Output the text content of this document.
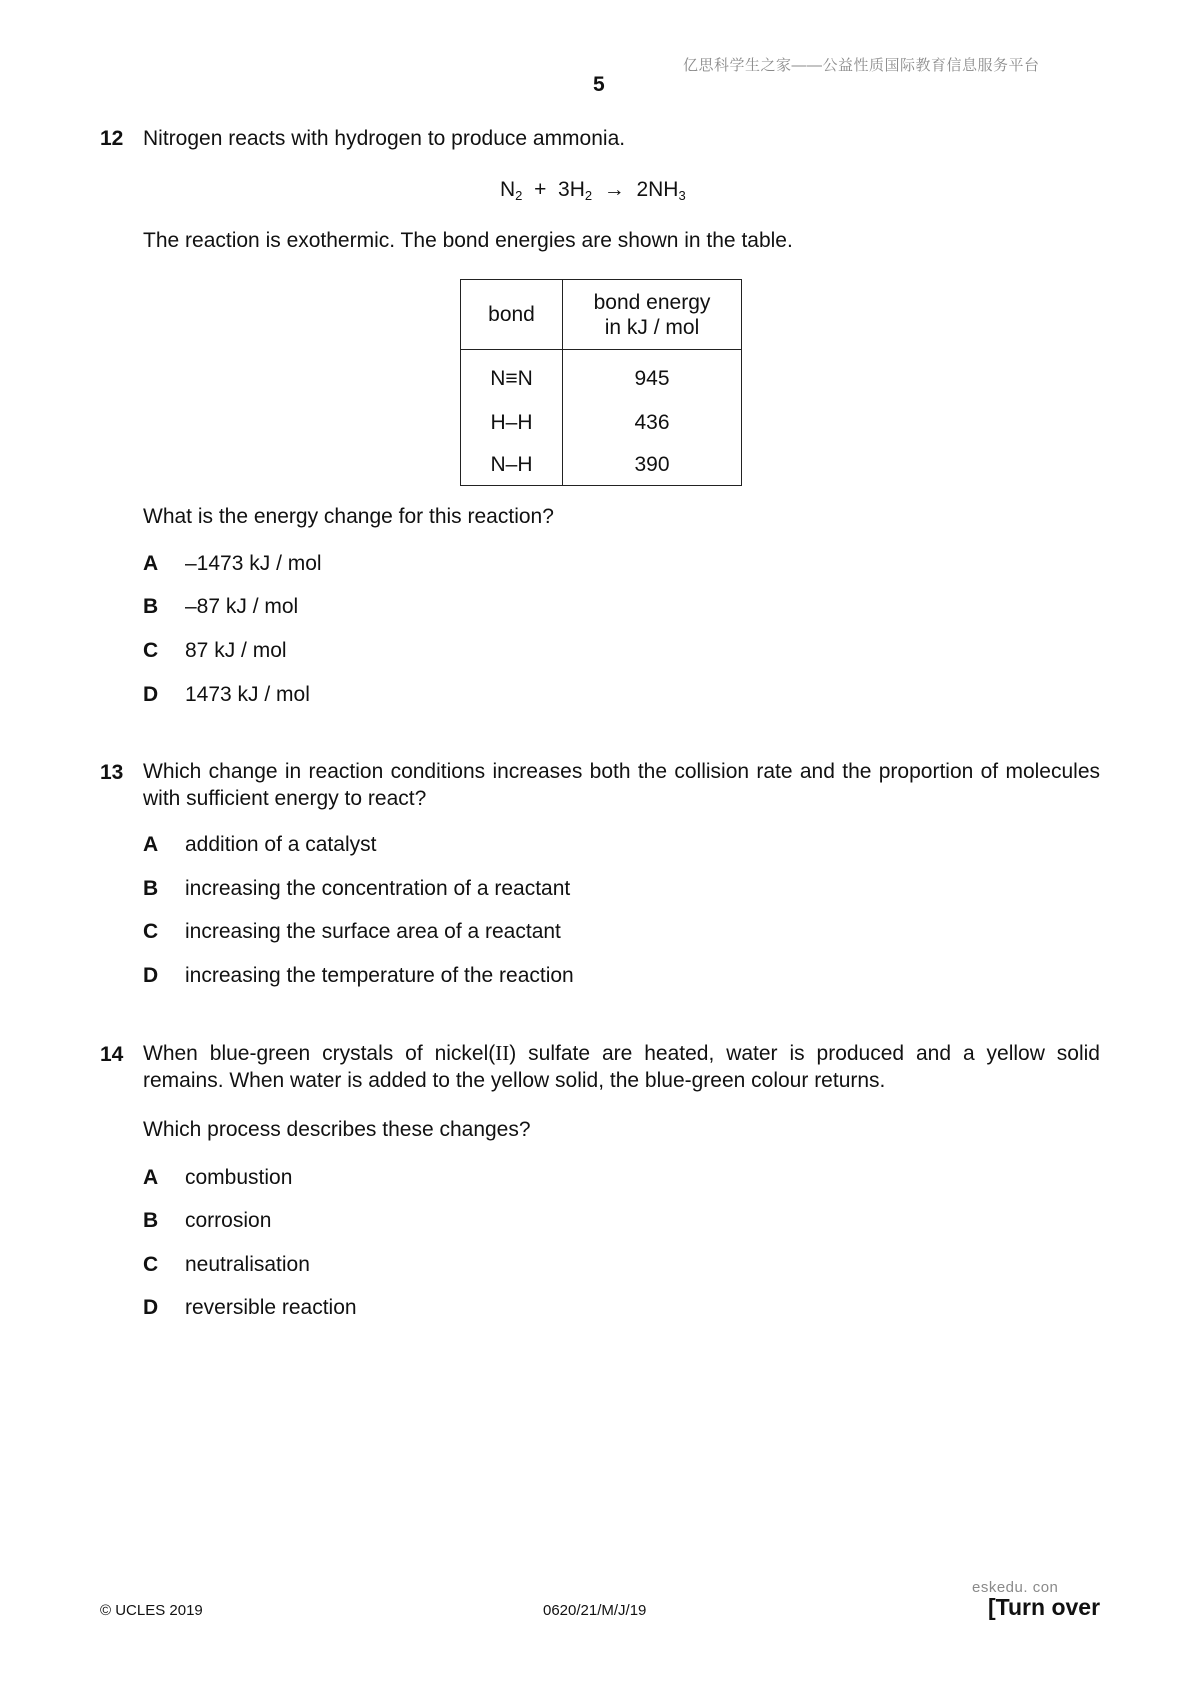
亿思科学生之家——公益性质国际教育信息服务平台
5
12 Nitrogen reacts with hydrogen to produce ammonia.
$N_2 + 3H_2 \to 2NH_3$
The reaction is exothermic. The bond energies are shown in the table.
bond	bond energy
in kJ / mol
N≡N	945
H–H	436
N–H	390
What is the energy change for this reaction?
A –1473 kJ / mol
B –87 kJ / mol
C 87 kJ / mol
D 1473 kJ / mol
13 Which change in reaction conditions increases both the collision rate and the proportion of molecules with sufficient energy to react?
A addition of a catalyst
B increasing the concentration of a reactant
C increasing the surface area of a reactant
D increasing the temperature of the reaction
14 When blue-green crystals of nickel(II) sulfate are heated, water is produced and a yellow solid remains. When water is added to the yellow solid, the blue-green colour returns.
Which process describes these changes?
A combustion
B corrosion
C neutralisation
D reversible reaction
eskedu. con
© UCLES 2019	0620/21/M/J/19	[Turn over
